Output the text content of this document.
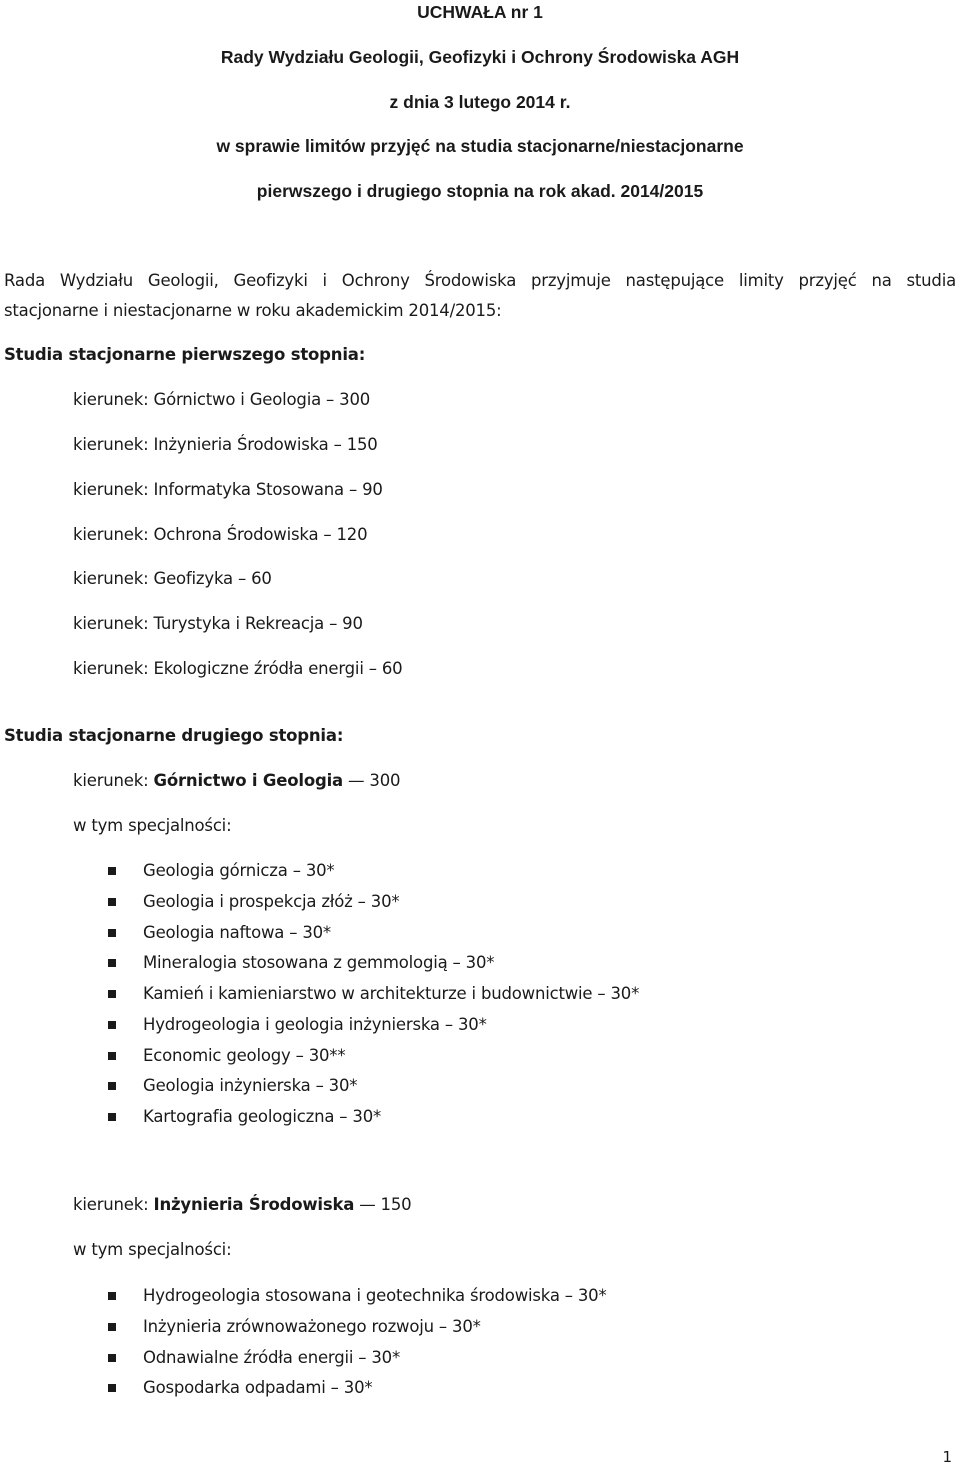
UCHWAŁA nr 1
Rady Wydziału Geologii, Geofizyki i Ochrony Środowiska AGH
z dnia 3 lutego 2014 r.
w sprawie limitów przyjęć na studia stacjonarne/niestacjonarne
pierwszego i drugiego stopnia na rok akad. 2014/2015
Rada Wydziału Geologii, Geofizyki i Ochrony Środowiska przyjmuje następujące limity przyjęć na studia
stacjonarne i niestacjonarne w roku akademickim 2014/2015:
Studia stacjonarne pierwszego stopnia:
kierunek: Górnictwo i Geologia – 300
kierunek: Inżynieria Środowiska – 150
kierunek: Informatyka Stosowana – 90
kierunek: Ochrona Środowiska – 120
kierunek: Geofizyka – 60
kierunek: Turystyka i Rekreacja – 90
kierunek: Ekologiczne źródła energii – 60
Studia stacjonarne drugiego stopnia:
kierunek: Górnictwo i Geologia — 300
w tym specjalności:
Geologia górnicza – 30*
Geologia i prospekcja złóż – 30*
Geologia naftowa – 30*
Mineralogia stosowana z gemmologią – 30*
Kamień i kamieniarstwo w architekturze i budownictwie – 30*
Hydrogeologia i geologia inżynierska – 30*
Economic geology – 30**
Geologia inżynierska – 30*
Kartografia geologiczna – 30*
kierunek: Inżynieria Środowiska — 150
w tym specjalności:
Hydrogeologia stosowana i geotechnika środowiska – 30*
Inżynieria zrównoważonego rozwoju – 30*
Odnawialne źródła energii – 30*
Gospodarka odpadami – 30*
1
